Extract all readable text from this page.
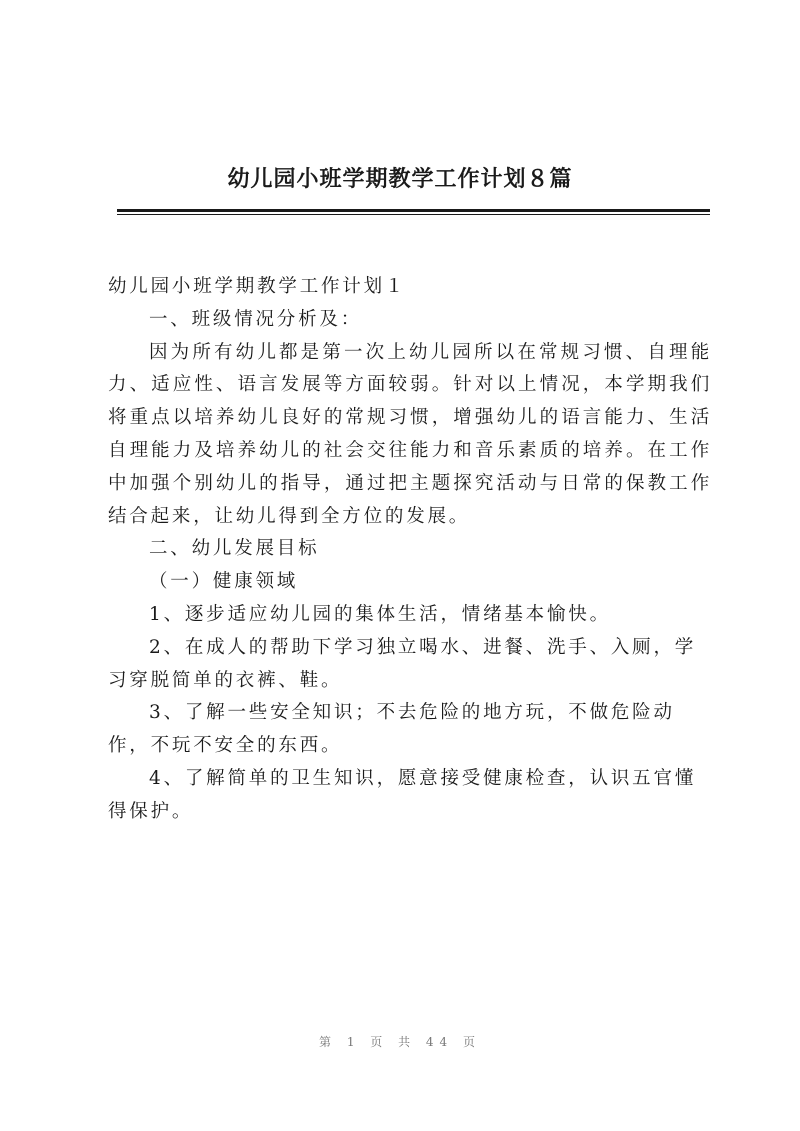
幼儿园小班学期教学工作计划８篇

幼儿园小班学期教学工作计划１

一、班级情况分析及：

因为所有幼儿都是第一次上幼儿园所以在常规习惯、自理能力、适应性、语言发展等方面较弱。针对以上情况，本学期我们将重点以培养幼儿良好的常规习惯，增强幼儿的语言能力、生活自理能力及培养幼儿的社会交往能力和音乐素质的培养。在工作中加强个别幼儿的指导，通过把主题探究活动与日常的保教工作结合起来，让幼儿得到全方位的发展。

二、幼儿发展目标

（一）健康领域

1、逐步适应幼儿园的集体生活，情绪基本愉快。

2、在成人的帮助下学习独立喝水、进餐、洗手、入厕，学习穿脱简单的衣裤、鞋。

3、了解一些安全知识；不去危险的地方玩，不做危险动作，不玩不安全的东西。

4、了解简单的卫生知识，愿意接受健康检查，认识五官懂得保护。

第 1 页 共 44 页
